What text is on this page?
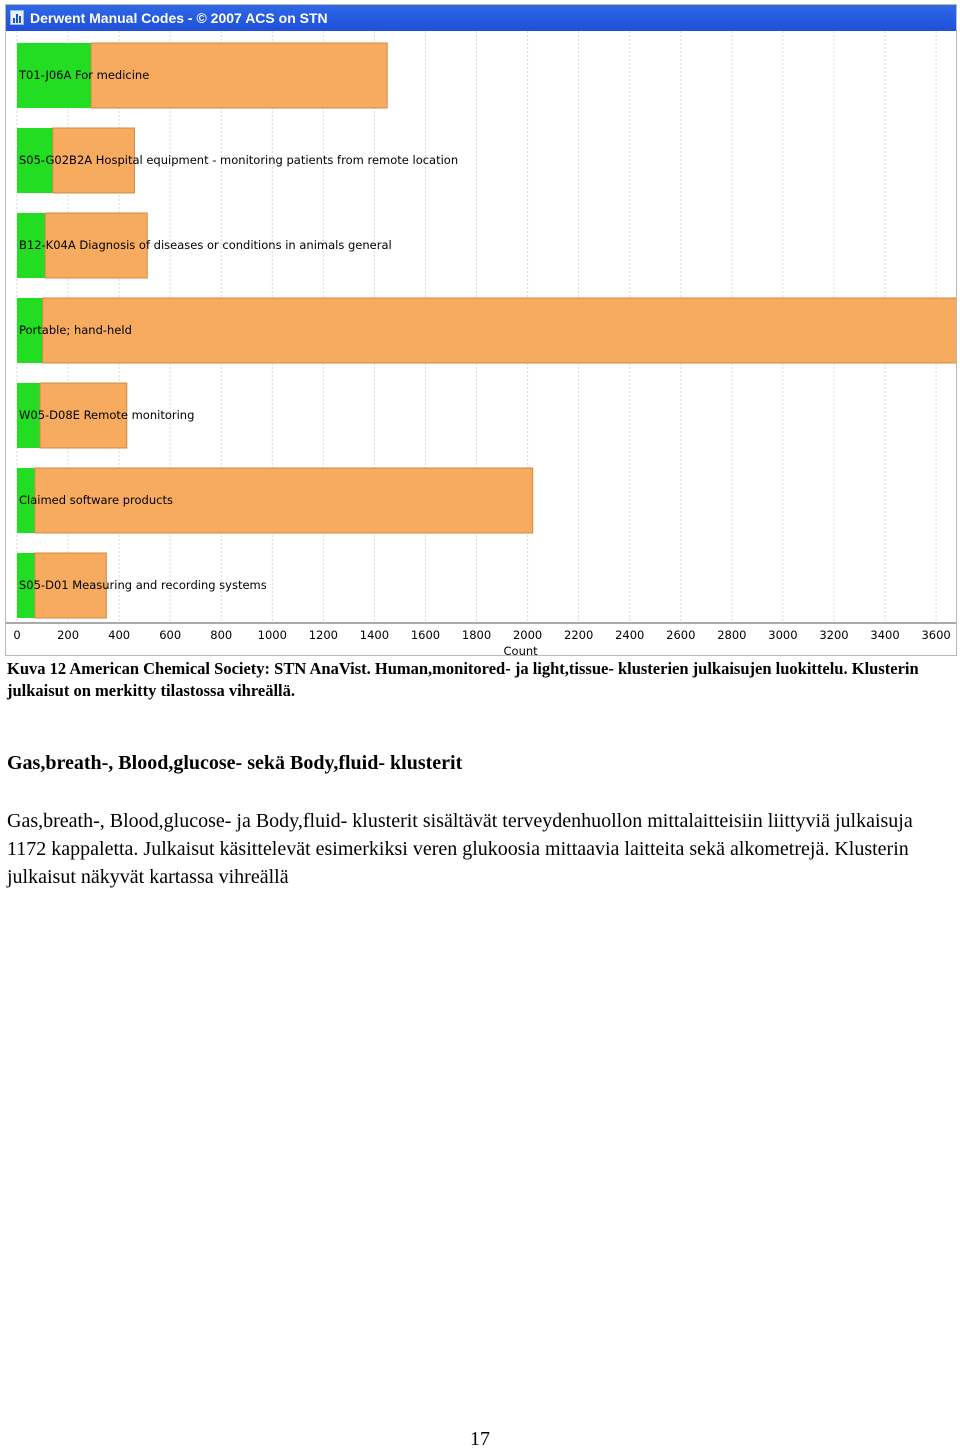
Derwent Manual Codes - © 2007 ACS on STN
T01-J06A For medicine
S05-G02B2A Hospital equipment - monitoring patients from remote location
B12-K04A Diagnosis of diseases or conditions in animals general
Portable; hand-held
W05-D08E Remote monitoring
Claimed software products
S05-D01 Measuring and recording systems
0	200	400	600	800 1000 1200 1400 1600 1800 2000 2200 2400 2600 2800 3000 3200 3400 3600
Count
Kuva 12 American Chemical Society: STN AnaVist. Human,monitored- ja light,tissue- klusterien julkaisujen luokittelu. Klusterin julkaisut on merkitty tilastossa vihreällä.
Gas,breath-, Blood,glucose- sekä Body,fluid- klusterit
Gas,breath-, Blood,glucose- ja Body,fluid- klusterit sisältävät terveydenhuollon mittalaitteisiin liittyviä julkaisuja 1172 kappaletta. Julkaisut käsittelevät esimerkiksi veren glukoosia mittaavia laitteita sekä alkometrejä. Klusterin julkaisut näkyvät kartassa vihreällä
17
